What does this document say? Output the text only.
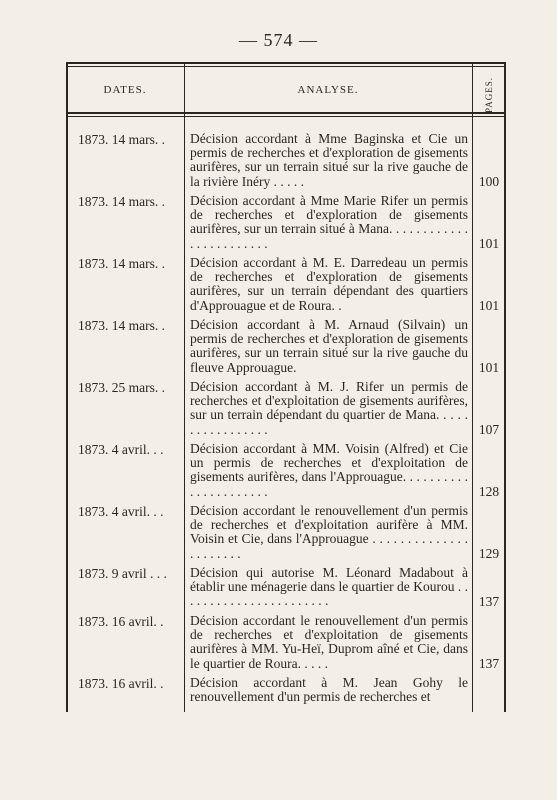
— 574 —
DATES.	ANALYSE.	PAGES.
1873. 14 mars. .	Décision accordant à Mme Baginska et Cie un permis de recherches et d'exploration de gisements aurifères, sur un terrain situé sur la rive gauche de la rivière Inéry . . . . .	100
1873. 14 mars. .	Décision accordant à Mme Marie Rifer un permis de recherches et d'exploration de gisements aurifères, sur un terrain situé à Mana. . . . . . . . . . . . . . . . . . . . . . . .	101
1873. 14 mars. .	Décision accordant à M. E. Darredeau un permis de recherches et d'exploration de gisements aurifères, sur un terrain dépendant des quartiers d'Approuague et de Roura. .	101
1873. 14 mars. .	Décision accordant à M. Arnaud (Silvain) un permis de recherches et d'exploration de gisements aurifères, sur un terrain situé sur la rive gauche du fleuve Approuague.	101
1873. 25 mars. .	Décision accordant à M. J. Rifer un permis de recherches et d'exploitation de gisements aurifères, sur un terrain dépendant du quartier de Mana. . . . . . . . . . . . . . . . .	107
1873. 4 avril. . .	Décision accordant à MM. Voisin (Alfred) et Cie un permis de recherches et d'exploitation de gisements aurifères, dans l'Approuague. . . . . . . . . . . . . . . . . . . . . .	128
1873. 4 avril. . .	Décision accordant le renouvellement d'un permis de recherches et d'exploitation aurifère à MM. Voisin et Cie, dans l'Approuague . . . . . . . . . . . . . . . . . . . . . .	129
1873. 9 avril . . .	Décision qui autorise M. Léonard Madabout à établir une ménagerie dans le quartier de Kourou . . . . . . . . . . . . . . . . . . . . . . .	137
1873. 16 avril. .	Décision accordant le renouvellement d'un permis de recherches et d'exploitation de gisements aurifères à MM. Yu-Heï, Duprom aîné et Cie, dans le quartier de Roura. . . . .	137
1873. 16 avril. .	Décision accordant à M. Jean Gohy le renouvellement d'un permis de recherches et
